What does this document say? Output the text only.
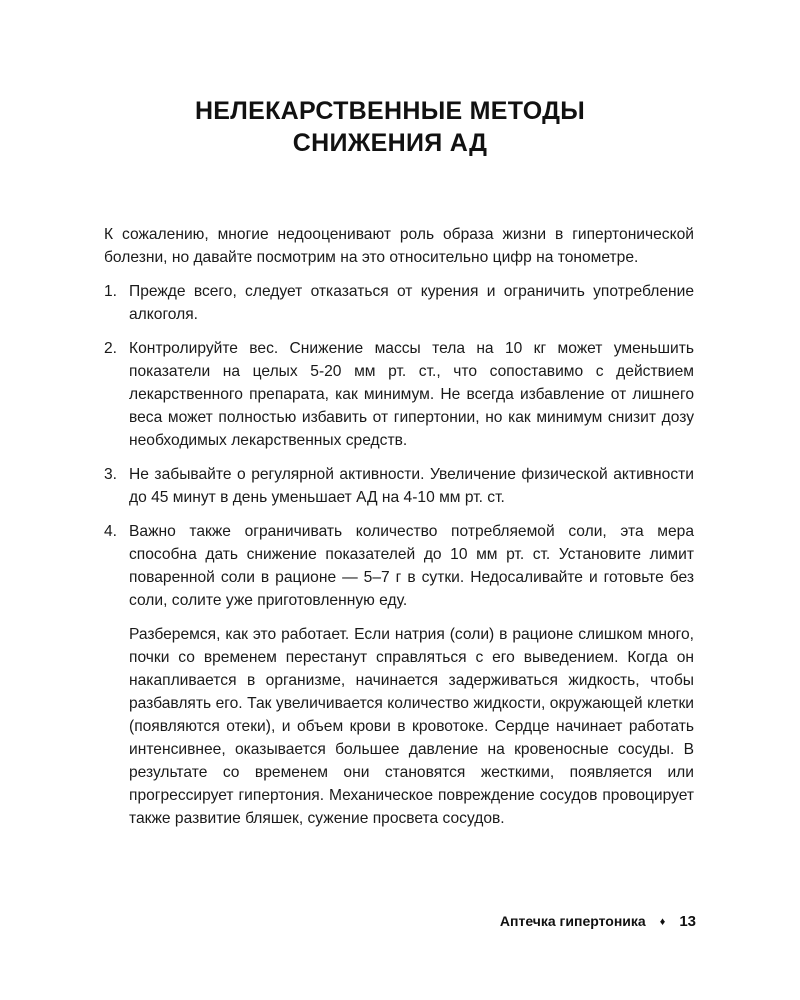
НЕЛЕКАРСТВЕННЫЕ МЕТОДЫ
СНИЖЕНИЯ АД

К сожалению, многие недооценивают роль образа жизни в гипертонической болезни, но давайте посмотрим на это относительно цифр на тонометре.

1. Прежде всего, следует отказаться от курения и ограничить употребление алкоголя.
2. Контролируйте вес. Снижение массы тела на 10 кг может уменьшить показатели на целых 5-20 мм рт. ст., что сопоставимо с действием лекарственного препарата, как минимум. Не всегда избавление от лишнего веса может полностью избавить от гипертонии, но как минимум снизит дозу необходимых лекарственных средств.
3. Не забывайте о регулярной активности. Увеличение физической активности до 45 минут в день уменьшает АД на 4-10 мм рт. ст.
4. Важно также ограничивать количество потребляемой соли, эта мера способна дать снижение показателей до 10 мм рт. ст. Установите лимит поваренной соли в рационе — 5–7 г в сутки. Недосаливайте и готовьте без соли, солите уже приготовленную еду.

Разберемся, как это работает. Если натрия (соли) в рационе слишком много, почки со временем перестанут справляться с его выведением. Когда он накапливается в организме, начинается задерживаться жидкость, чтобы разбавлять его. Так увеличивается количество жидкости, окружающей клетки (появляются отеки), и объем крови в кровотоке. Сердце начинает работать интенсивнее, оказывается большее давление на кровеносные сосуды. В результате со временем они становятся жесткими, появляется или прогрессирует гипертония. Механическое повреждение сосудов провоцирует также развитие бляшек, сужение просвета сосудов.

Аптечка гипертоника ♦ 13
